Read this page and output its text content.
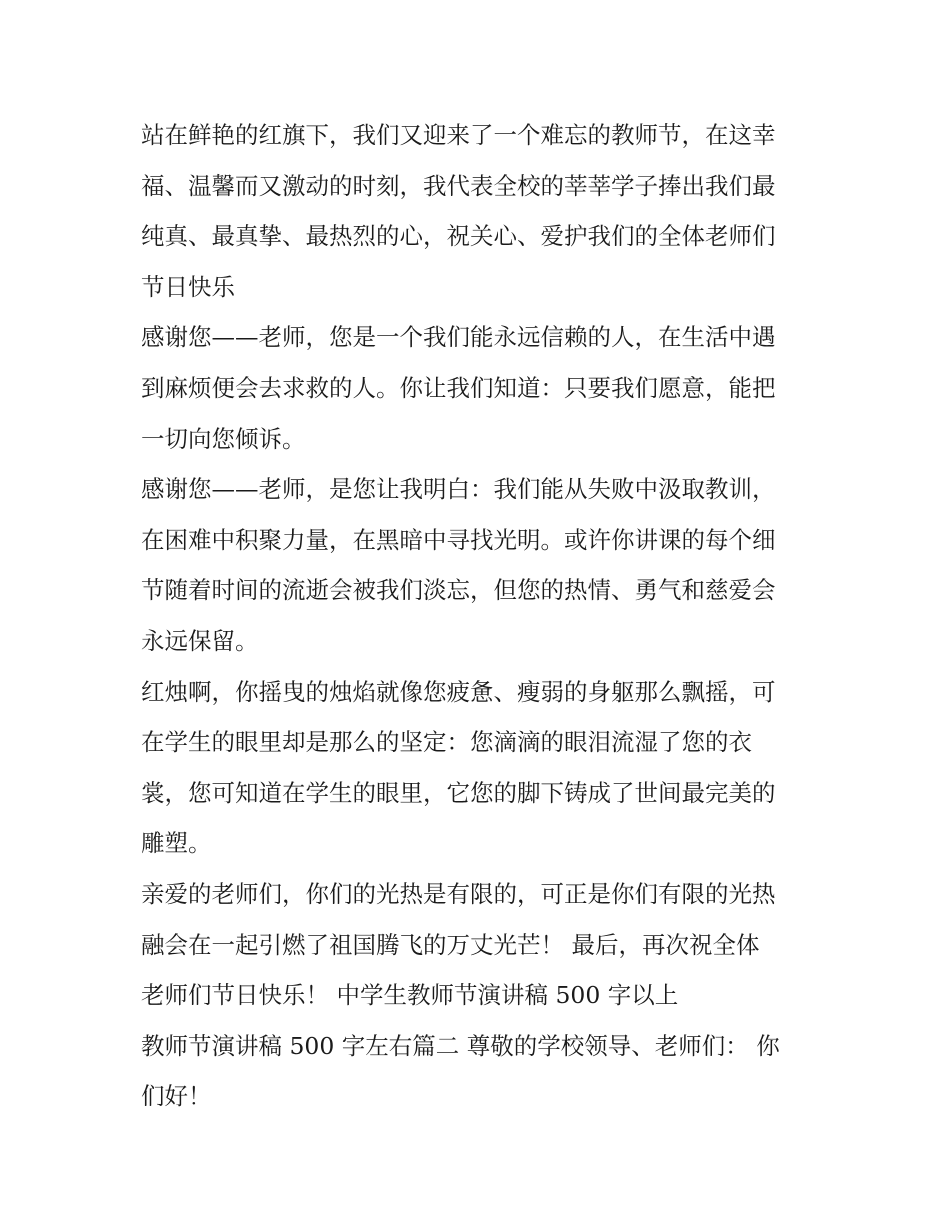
站在鲜艳的红旗下，我们又迎来了一个难忘的教师节，在这幸
福、温馨而又激动的时刻，我代表全校的莘莘学子捧出我们最
纯真、最真挚、最热烈的心，祝关心、爱护我们的全体老师们
节日快乐
感谢您——老师，您是一个我们能永远信赖的人，在生活中遇
到麻烦便会去求救的人。你让我们知道：只要我们愿意，能把
一切向您倾诉。
感谢您——老师，是您让我明白：我们能从失败中汲取教训，
在困难中积聚力量，在黑暗中寻找光明。或许你讲课的每个细
节随着时间的流逝会被我们淡忘，但您的热情、勇气和慈爱会
永远保留。
红烛啊，你摇曳的烛焰就像您疲惫、瘦弱的身躯那么飘摇，可
在学生的眼里却是那么的坚定：您滴滴的眼泪流湿了您的衣
裳，您可知道在学生的眼里，它您的脚下铸成了世间最完美的
雕塑。
亲爱的老师们，你们的光热是有限的，可正是你们有限的光热
融会在一起引燃了祖国腾飞的万丈光芒！ 最后，再次祝全体
老师们节日快乐！ 中学生教师节演讲稿 500 字以上
教师节演讲稿 500 字左右篇二 尊敬的学校领导、老师们： 你
们好！
